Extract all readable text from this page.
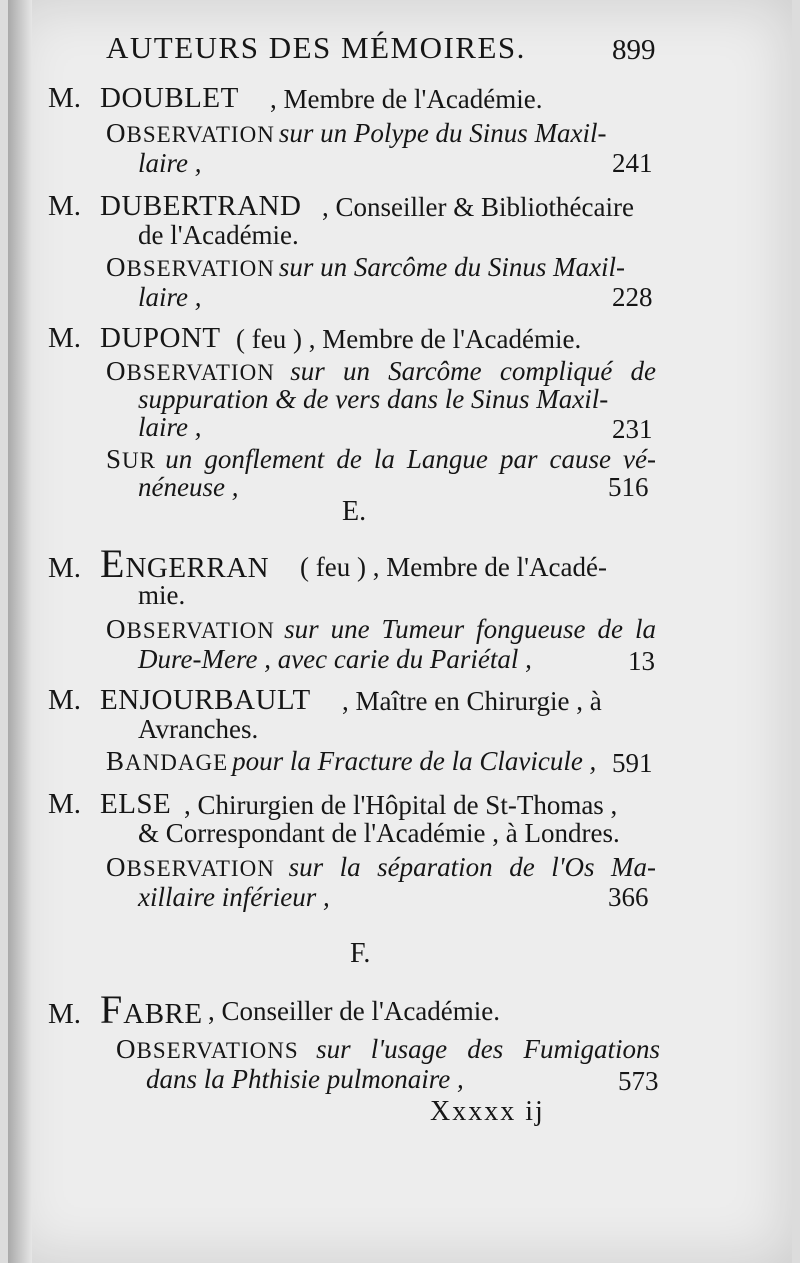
AUTEURS DES MÉMOIRES.	899
M. DOUBLET , Membre de l'Académie.
OBSERVATION sur un Polype du Sinus Maxil-
laire ,	241
M. DUBERTRAND , Conseiller & Bibliothécaire
de l'Académie.
OBSERVATION sur un Sarcôme du Sinus Maxil-
laire ,	228
M. DUPONT ( feu ) , Membre de l'Académie.
OBSERVATION sur un Sarcôme compliqué de
suppuration & de vers dans le Sinus Maxil-
laire ,	231
SUR un gonflement de la Langue par cause vé-
néneuse ,	516
E.
M. ENGERRAN ( feu ) , Membre de l'Acadé-
mie.
OBSERVATION sur une Tumeur fongueuse de la
Dure-Mere , avec carie du Pariétal ,	13
M. ENJOURBAULT , Maître en Chirurgie , à
Avranches.
BANDAGE pour la Fracture de la Clavicule , 591
M. ELSE , Chirurgien de l'Hôpital de St-Thomas ,
& Correspondant de l'Académie , à Londres.
OBSERVATION sur la séparation de l'Os Ma-
xillaire inférieur ,	366
F.
M. FABRE , Conseiller de l'Académie.
OBSERVATIONS sur l'usage des Fumigations
dans la Phthisie pulmonaire ,	573
Xxxxx ij
